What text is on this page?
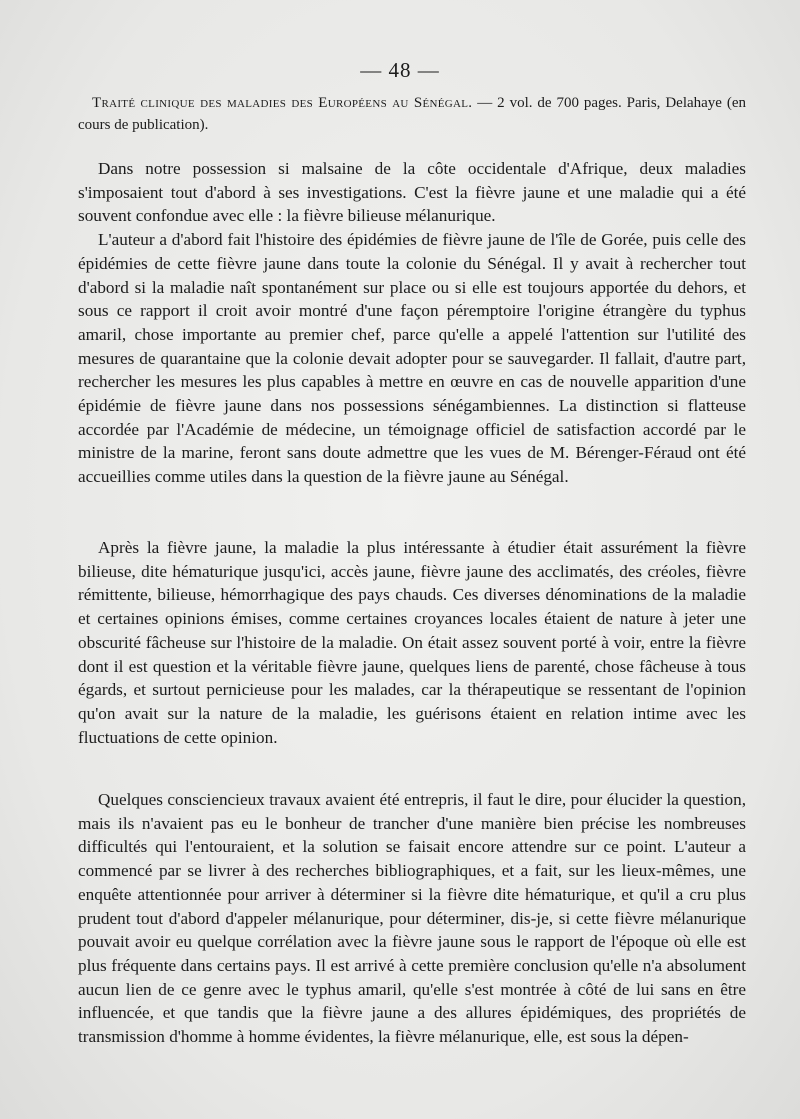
— 48 —

Traité clinique des maladies des Européens au Sénégal. — 2 vol. de 700 pages. Paris, Delahaye (en cours de publication).

Dans notre possession si malsaine de la côte occidentale d'Afrique, deux maladies s'imposaient tout d'abord à ses investigations. C'est la fièvre jaune et une maladie qui a été souvent confondue avec elle : la fièvre bilieuse mélanurique.

L'auteur a d'abord fait l'histoire des épidémies de fièvre jaune de l'île de Gorée, puis celle des épidémies de cette fièvre jaune dans toute la colonie du Sénégal. Il y avait à rechercher tout d'abord si la maladie naît spontanément sur place ou si elle est toujours apportée du dehors, et sous ce rapport il croit avoir montré d'une façon péremptoire l'origine étrangère du typhus amaril, chose importante au premier chef, parce qu'elle a appelé l'attention sur l'utilité des mesures de quarantaine que la colonie devait adopter pour se sauvegarder. Il fallait, d'autre part, rechercher les mesures les plus capables à mettre en œuvre en cas de nouvelle apparition d'une épidémie de fièvre jaune dans nos possessions sénégambiennes. La distinction si flatteuse accordée par l'Académie de médecine, un témoignage officiel de satisfaction accordé par le ministre de la marine, feront sans doute admettre que les vues de M. Bérenger-Féraud ont été accueillies comme utiles dans la question de la fièvre jaune au Sénégal.

Après la fièvre jaune, la maladie la plus intéressante à étudier était assurément la fièvre bilieuse, dite hématurique jusqu'ici, accès jaune, fièvre jaune des acclimatés, des créoles, fièvre rémittente, bilieuse, hémorrhagique des pays chauds. Ces diverses dénominations de la maladie et certaines opinions émises, comme certaines croyances locales étaient de nature à jeter une obscurité fâcheuse sur l'histoire de la maladie. On était assez souvent porté à voir, entre la fièvre dont il est question et la véritable fièvre jaune, quelques liens de parenté, chose fâcheuse à tous égards, et surtout pernicieuse pour les malades, car la thérapeutique se ressentant de l'opinion qu'on avait sur la nature de la maladie, les guérisons étaient en relation intime avec les fluctuations de cette opinion.

Quelques consciencieux travaux avaient été entrepris, il faut le dire, pour élucider la question, mais ils n'avaient pas eu le bonheur de trancher d'une manière bien précise les nombreuses difficultés qui l'entouraient, et la solution se faisait encore attendre sur ce point. L'auteur a commencé par se livrer à des recherches bibliographiques, et a fait, sur les lieux-mêmes, une enquête attentionnée pour arriver à déterminer si la fièvre dite hématurique, et qu'il a cru plus prudent tout d'abord d'appeler mélanurique, pour déterminer, dis-je, si cette fièvre mélanurique pouvait avoir eu quelque corrélation avec la fièvre jaune sous le rapport de l'époque où elle est plus fréquente dans certains pays. Il est arrivé à cette première conclusion qu'elle n'a absolument aucun lien de ce genre avec le typhus amaril, qu'elle s'est montrée à côté de lui sans en être influencée, et que tandis que la fièvre jaune a des allures épidémiques, des propriétés de transmission d'homme à homme évidentes, la fièvre mélanurique, elle, est sous la dépen-
